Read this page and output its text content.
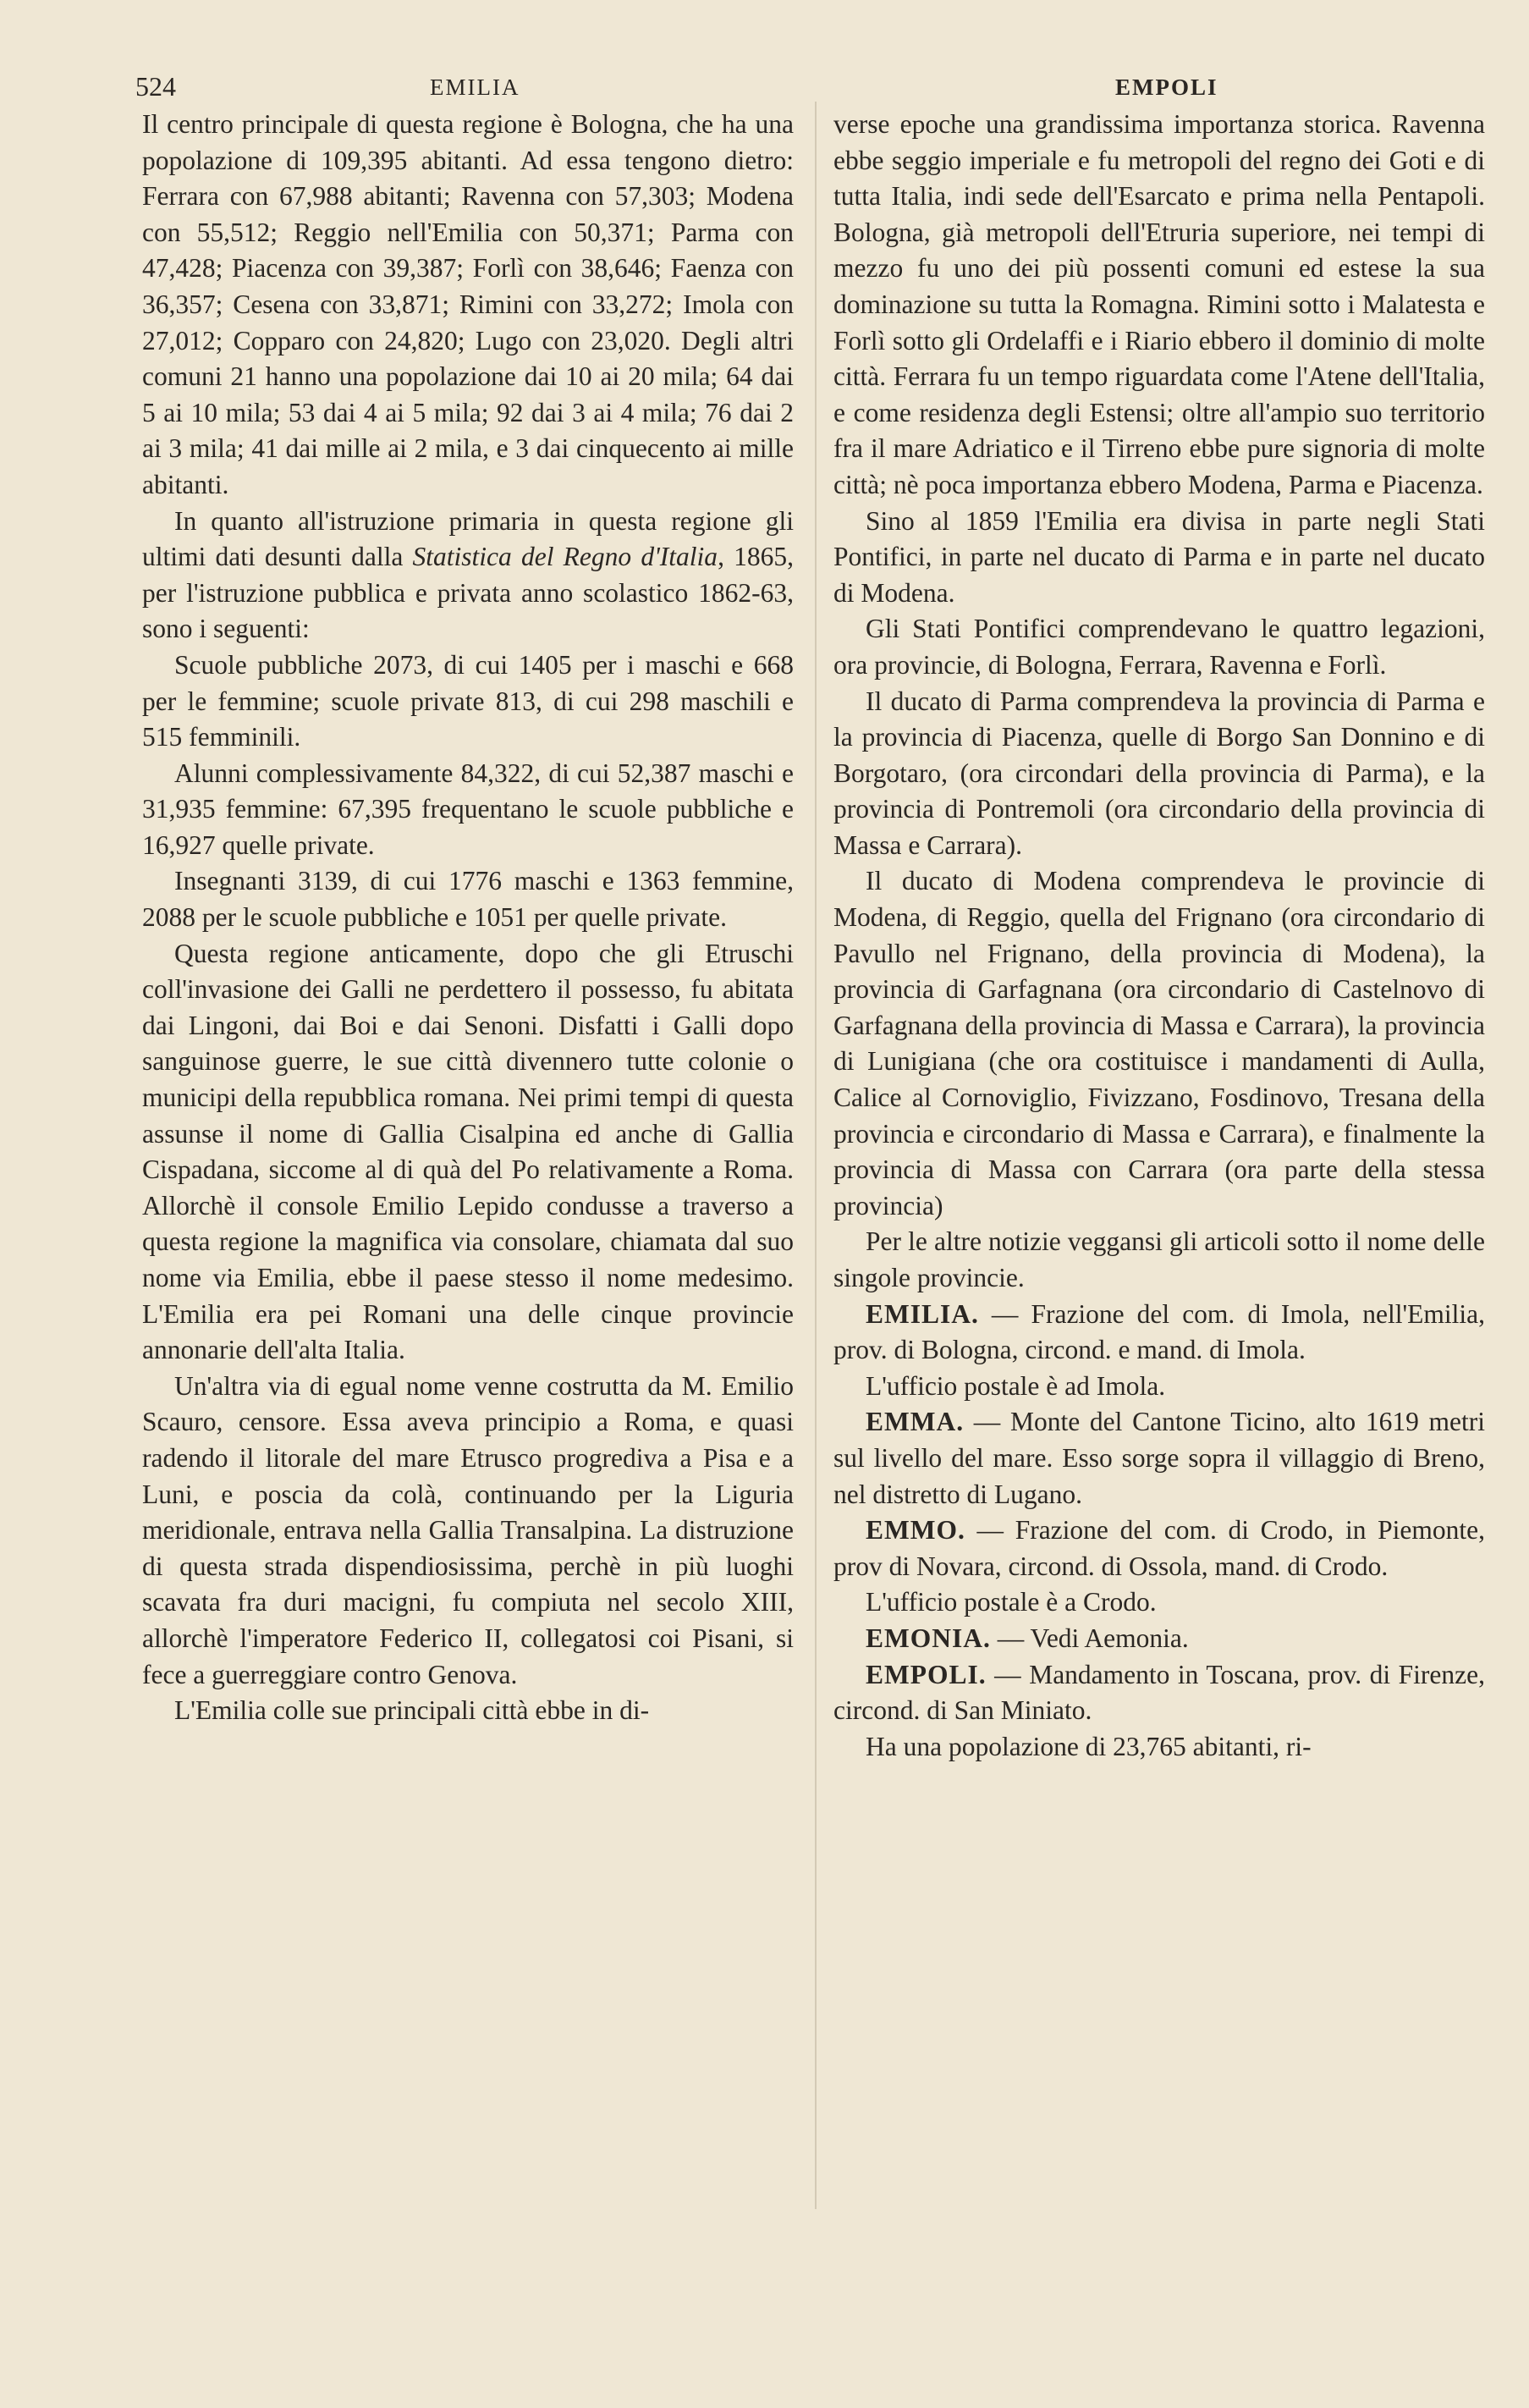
524	EMILIA	EMPOLI

Il centro principale di questa regione è Bologna, che ha una popolazione di 109,395 abitanti. Ad essa tengono dietro: Ferrara con 67,988 abitanti; Ravenna con 57,303; Modena con 55,512; Reggio nell'Emilia con 50,371; Parma con 47,428; Piacenza con 39,387; Forlì con 38,646; Faenza con 36,357; Cesena con 33,871; Rimini con 33,272; Imola con 27,012; Copparo con 24,820; Lugo con 23,020. Degli altri comuni 21 hanno una popolazione dai 10 ai 20 mila; 64 dai 5 ai 10 mila; 53 dai 4 ai 5 mila; 92 dai 3 ai 4 mila; 76 dai 2 ai 3 mila; 41 dai mille ai 2 mila, e 3 dai cinquecento ai mille abitanti.

In quanto all'istruzione primaria in questa regione gli ultimi dati desunti dalla Statistica del Regno d'Italia, 1865, per l'istruzione pubblica e privata anno scolastico 1862-63, sono i seguenti:

Scuole pubbliche 2073, di cui 1405 per i maschi e 668 per le femmine; scuole private 813, di cui 298 maschili e 515 femminili.

Alunni complessivamente 84,322, di cui 52,387 maschi e 31,935 femmine: 67,395 frequentano le scuole pubbliche e 16,927 quelle private.

Insegnanti 3139, di cui 1776 maschi e 1363 femmine, 2088 per le scuole pubbliche e 1051 per quelle private.

Questa regione anticamente, dopo che gli Etruschi coll'invasione dei Galli ne perdettero il possesso, fu abitata dai Lingoni, dai Boi e dai Senoni. Disfatti i Galli dopo sanguinose guerre, le sue città divennero tutte colonie o municipi della repubblica romana. Nei primi tempi di questa assunse il nome di Gallia Cisalpina ed anche di Gallia Cispadana, siccome al di quà del Po relativamente a Roma. Allorchè il console Emilio Lepido condusse a traverso a questa regione la magnifica via consolare, chiamata dal suo nome via Emilia, ebbe il paese stesso il nome medesimo. L'Emilia era pei Romani una delle cinque provincie annonarie dell'alta Italia.

Un'altra via di egual nome venne costrutta da M. Emilio Scauro, censore. Essa aveva principio a Roma, e quasi radendo il litorale del mare Etrusco progrediva a Pisa e a Luni, e poscia da colà, continuando per la Liguria meridionale, entrava nella Gallia Transalpina. La distruzione di questa strada dispendiosissima, perchè in più luoghi scavata fra duri macigni, fu compiuta nel secolo XIII, allorchè l'imperatore Federico II, collegatosi coi Pisani, si fece a guerreggiare contro Genova.

L'Emilia colle sue principali città ebbe in di-

verse epoche una grandissima importanza storica. Ravenna ebbe seggio imperiale e fu metropoli del regno dei Goti e di tutta Italia, indi sede dell'Esarcato e prima nella Pentapoli. Bologna, già metropoli dell'Etruria superiore, nei tempi di mezzo fu uno dei più possenti comuni ed estese la sua dominazione su tutta la Romagna. Rimini sotto i Malatesta e Forlì sotto gli Ordelaffi e i Riario ebbero il dominio di molte città. Ferrara fu un tempo riguardata come l'Atene dell'Italia, e come residenza degli Estensi; oltre all'ampio suo territorio fra il mare Adriatico e il Tirreno ebbe pure signoria di molte città; nè poca importanza ebbero Modena, Parma e Piacenza.

Sino al 1859 l'Emilia era divisa in parte negli Stati Pontifici, in parte nel ducato di Parma e in parte nel ducato di Modena.

Gli Stati Pontifici comprendevano le quattro legazioni, ora provincie, di Bologna, Ferrara, Ravenna e Forlì.

Il ducato di Parma comprendeva la provincia di Parma e la provincia di Piacenza, quelle di Borgo San Donnino e di Borgotaro, (ora circondari della provincia di Parma), e la provincia di Pontremoli (ora circondario della provincia di Massa e Carrara).

Il ducato di Modena comprendeva le provincie di Modena, di Reggio, quella del Frignano (ora circondario di Pavullo nel Frignano, della provincia di Modena), la provincia di Garfagnana (ora circondario di Castelnovo di Garfagnana della provincia di Massa e Carrara), la provincia di Lunigiana (che ora costituisce i mandamenti di Aulla, Calice al Cornoviglio, Fivizzano, Fosdinovo, Tresana della provincia e circondario di Massa e Carrara), e finalmente la provincia di Massa con Carrara (ora parte della stessa provincia)

Per le altre notizie veggansi gli articoli sotto il nome delle singole provincie.

EMILIA. — Frazione del com. di Imola, nell'Emilia, prov. di Bologna, circond. e mand. di Imola.

L'ufficio postale è ad Imola.

EMMA. — Monte del Cantone Ticino, alto 1619 metri sul livello del mare. Esso sorge sopra il villaggio di Breno, nel distretto di Lugano.

EMMO. — Frazione del com. di Crodo, in Piemonte, prov di Novara, circond. di Ossola, mand. di Crodo.

L'ufficio postale è a Crodo.

EMONIA. — Vedi Aemonia.

EMPOLI. — Mandamento in Toscana, prov. di Firenze, circond. di San Miniato.

Ha una popolazione di 23,765 abitanti, ri-
